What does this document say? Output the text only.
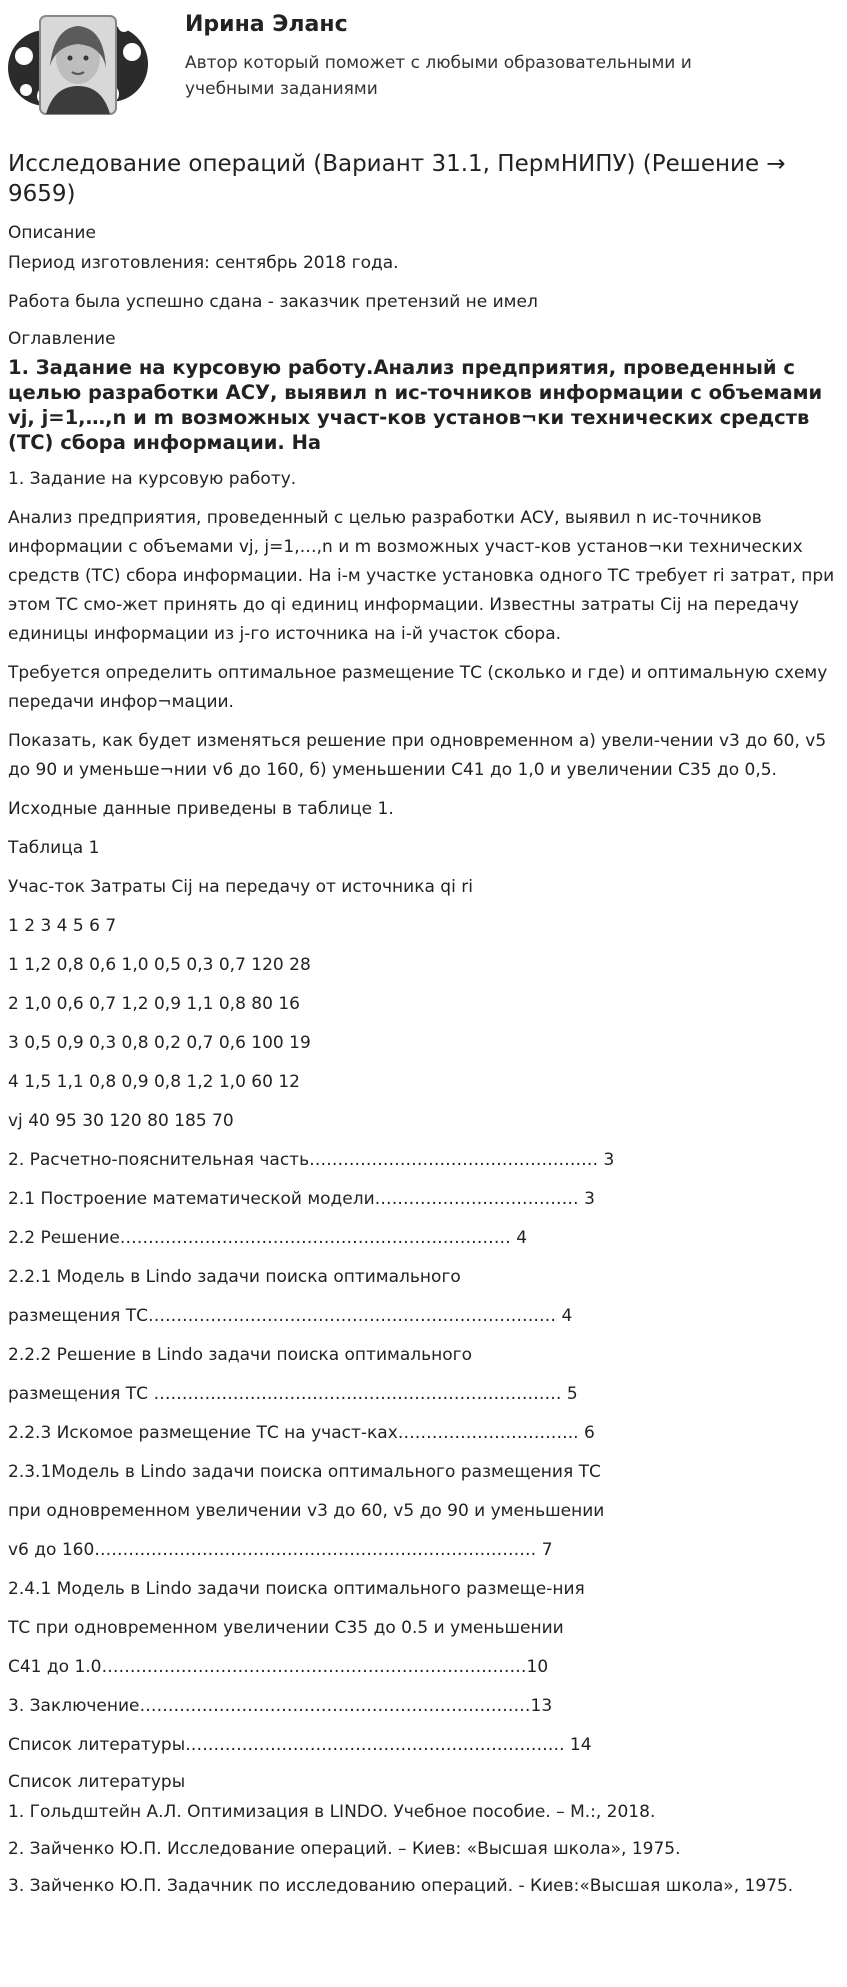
Ирина Эланс
Автор который поможет с любыми образовательными и учебными заданиями
Исследование операций (Вариант 31.1, ПермНИПУ) (Решение → 9659)
Описание

Период изготовления: сентябрь 2018 года.

Работа была успешно сдана - заказчик претензий не имел

Оглавление
1. Задание на курсовую работу.Анализ предприятия, проведенный с целью разработки АСУ, выявил n ис-точников информации с объемами vj, j=1,…,n и m возможных участ-ков установ¬ки технических средств (ТС) сбора информации. На

1. Задание на курсовую работу.

Анализ предприятия, проведенный с целью разработки АСУ, выявил n ис-точников информации с объемами vj, j=1,…,n и m возможных участ-ков установ¬ки технических средств (ТС) сбора информации. На i-м участке установка одного ТС требует ri затрат, при этом ТС смо-жет принять до qi единиц информации. Известны затраты Cij на передачу единицы информации из j-го источника на i-й участок сбора.

Требуется определить оптимальное размещение ТС (сколько и где) и оптимальную схему передачи инфор¬мации.

Показать, как будет изменяться решение при одновременном а) увели-чении v3 до 60, v5 до 90 и уменьше¬нии v6 до 160, б) уменьшении C41 до 1,0 и увеличении C35 до 0,5.

Исходные данные приведены в таблице 1.

Таблица 1

Учас-ток Затраты Cij на передачу от источника qi ri

1 2 3 4 5 6 7

1 1,2 0,8 0,6 1,0 0,5 0,3 0,7 120 28

2 1,0 0,6 0,7 1,2 0,9 1,1 0,8 80 16

3 0,5 0,9 0,3 0,8 0,2 0,7 0,6 100 19

4 1,5 1,1 0,8 0,9 0,8 1,2 1,0 60 12

vj 40 95 30 120 80 185 70

2. Расчетно-пояснительная часть…………………………………………… 3

2.1 Построение математической модели……………………………… 3

2.2 Решение…………………………………………………………… 4

2.2.1 Модель в Lindo задачи поиска оптимального

размещения ТС……………………………………………………………… 4

2.2.2 Решение в Lindo задачи поиска оптимального

размещения ТС ……………………………………………………………… 5

2.2.3 Искомое размещение ТС на участ-ках………………………….. 6

2.3.1Модель в Lindo задачи поиска оптимального размещения ТС

при одновременном увеличении v3 до 60, v5 до 90 и уменьшении

v6 до 160…………………………………………………………………… 7

2.4.1 Модель в Lindo задачи поиска оптимального размеще-ния

ТС при одновременном увеличении C35 до 0.5 и уменьшении

C41 до 1.0…………………………………………………………………10

3. Заключение……………………………………………………………13

Список литературы…………………………………………………………. 14

Список литературы

1. Гольдштейн А.Л. Оптимизация в LINDO. Учебное пособие. – М.:, 2018.

2. Зайченко Ю.П. Исследование операций. – Киев: «Высшая школа», 1975.

3. Зайченко Ю.П. Задачник по исследованию операций. - Киев:«Высшая школа», 1975.
